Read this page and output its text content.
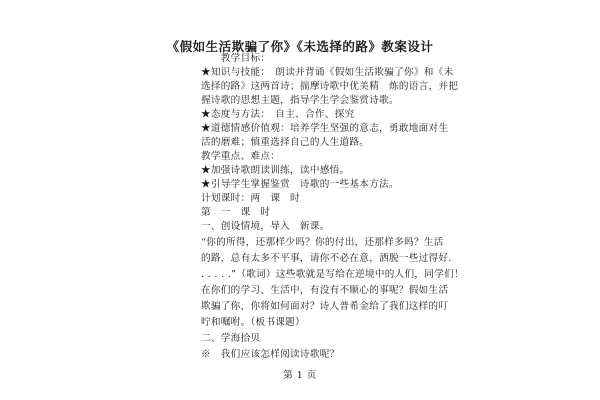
《假如生活欺骗了你》《未选择的路》教案设计
　　教学目标：
★知识与技能：　朗读并背诵《假如生活欺骗了你》和《未
选择的路》这两首诗；揣摩诗歌中优美精　炼的语言，并把
握诗歌的思想主题，指导学生学会鉴赏诗歌。
★态度与方法：　自主、合作、探究
★道德情感价值观：培养学生坚强的意志，勇敢地面对生
活的磨难；慎重选择自己的人生道路。
教学重点、难点：
★加强诗歌朗读训练，读中感悟。
★引导学生掌握鉴赏　诗歌的一些基本方法。
计划课时：两　课　时
第　一　课　时
一、创设情境，导入　新课。
“你的所得，还那样少吗？你的付出，还那样多吗？生活
的路，总有太多不平事，请你不必在意，洒脱一些过得好.
. . . . .”（歌词）这些歌就是写给在逆境中的人们，同学们！
在你们的学习、生活中，有没有不顺心的事呢？假如生活
欺骗了你，你将如何面对？诗人普希金给了我们这样的叮
咛和嘱咐。（板书课题）
二、学海拾贝
※　我们应该怎样阅读诗歌呢？
第 1 页
